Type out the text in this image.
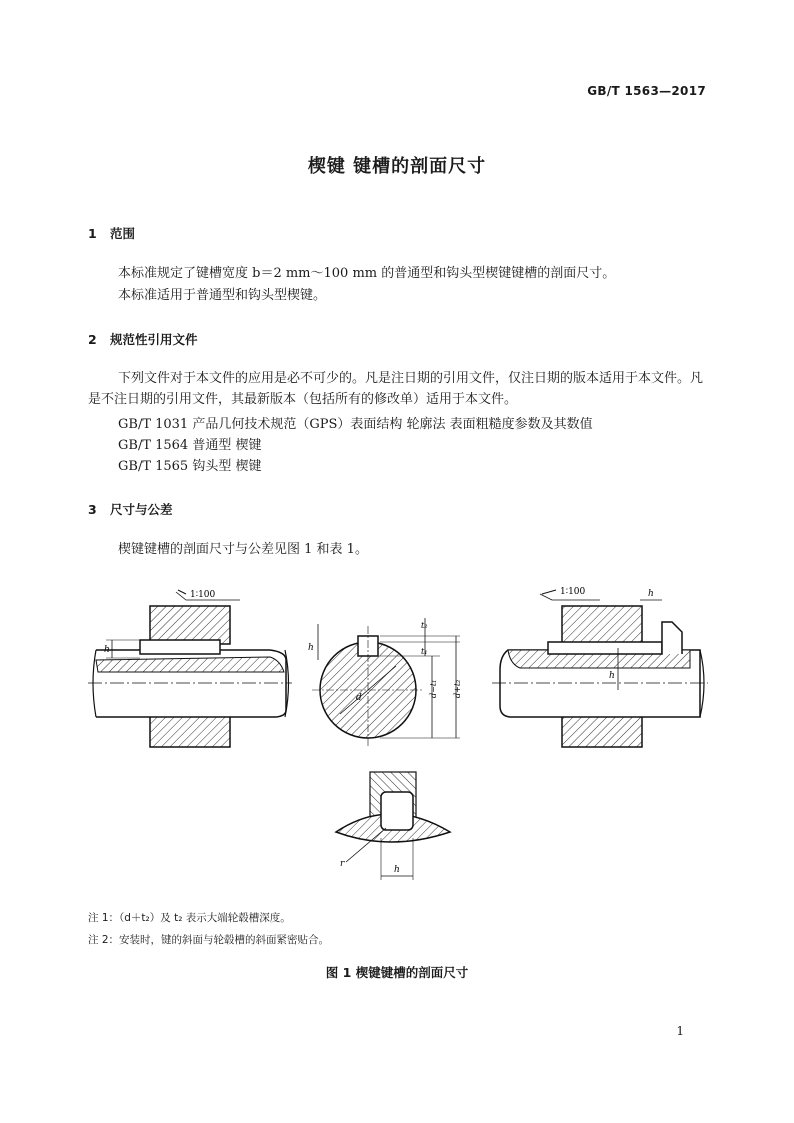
GB/T 1563—2017
楔键 键槽的剖面尺寸
1 范围
本标准规定了键槽宽度 b＝2 mm～100 mm 的普通型和钩头型楔键键槽的剖面尺寸。
本标准适用于普通型和钩头型楔键。
2 规范性引用文件
下列文件对于本文件的应用是必不可少的。凡是注日期的引用文件，仅注日期的版本适用于本文件。凡是不注日期的引用文件，其最新版本（包括所有的修改单）适用于本文件。
GB/T 1031 产品几何技术规范（GPS）表面结构 轮廓法 表面粗糙度参数及其数值
GB/T 1564 普通型 楔键
GB/T 1565 钩头型 楔键
3 尺寸与公差
楔键键槽的剖面尺寸与公差见图 1 和表 1。
h
1∶100
d
h
t₂
t₁
d−t₁ d+t₂
h
h
1∶100
r
h
注 1：（d＋t₂）及 t₂ 表示大端轮毂槽深度。
注 2：安装时，键的斜面与轮毂槽的斜面紧密贴合。
图 1 楔键键槽的剖面尺寸
1
